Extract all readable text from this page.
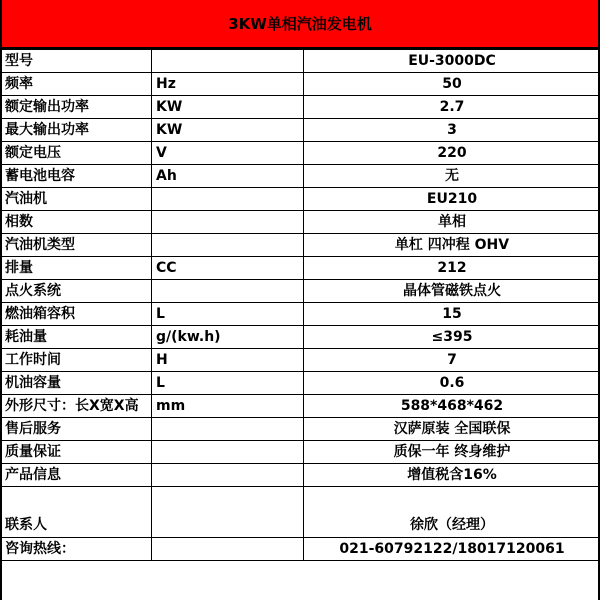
3KW单相汽油发电机
型号		EU-3000DC
频率	Hz	50
额定输出功率	KW	2.7
最大输出功率	KW	3
额定电压	V	220
蓄电池电容	Ah	无
汽油机		EU210
相数		单相
汽油机类型		单杠 四冲程 OHV
排量	CC	212
点火系统		晶体管磁铁点火
燃油箱容积	L	15
耗油量	g/(kw.h)	≤395
工作时间	H	7
机油容量	L	0.6
外形尺寸：长X宽X高	mm	588*468*462
售后服务		汉萨原装 全国联保
质量保证		质保一年 终身维护
产品信息		增值税含16%
联系人		徐欣（经理）
咨询热线：		021-60792122/18017120061
